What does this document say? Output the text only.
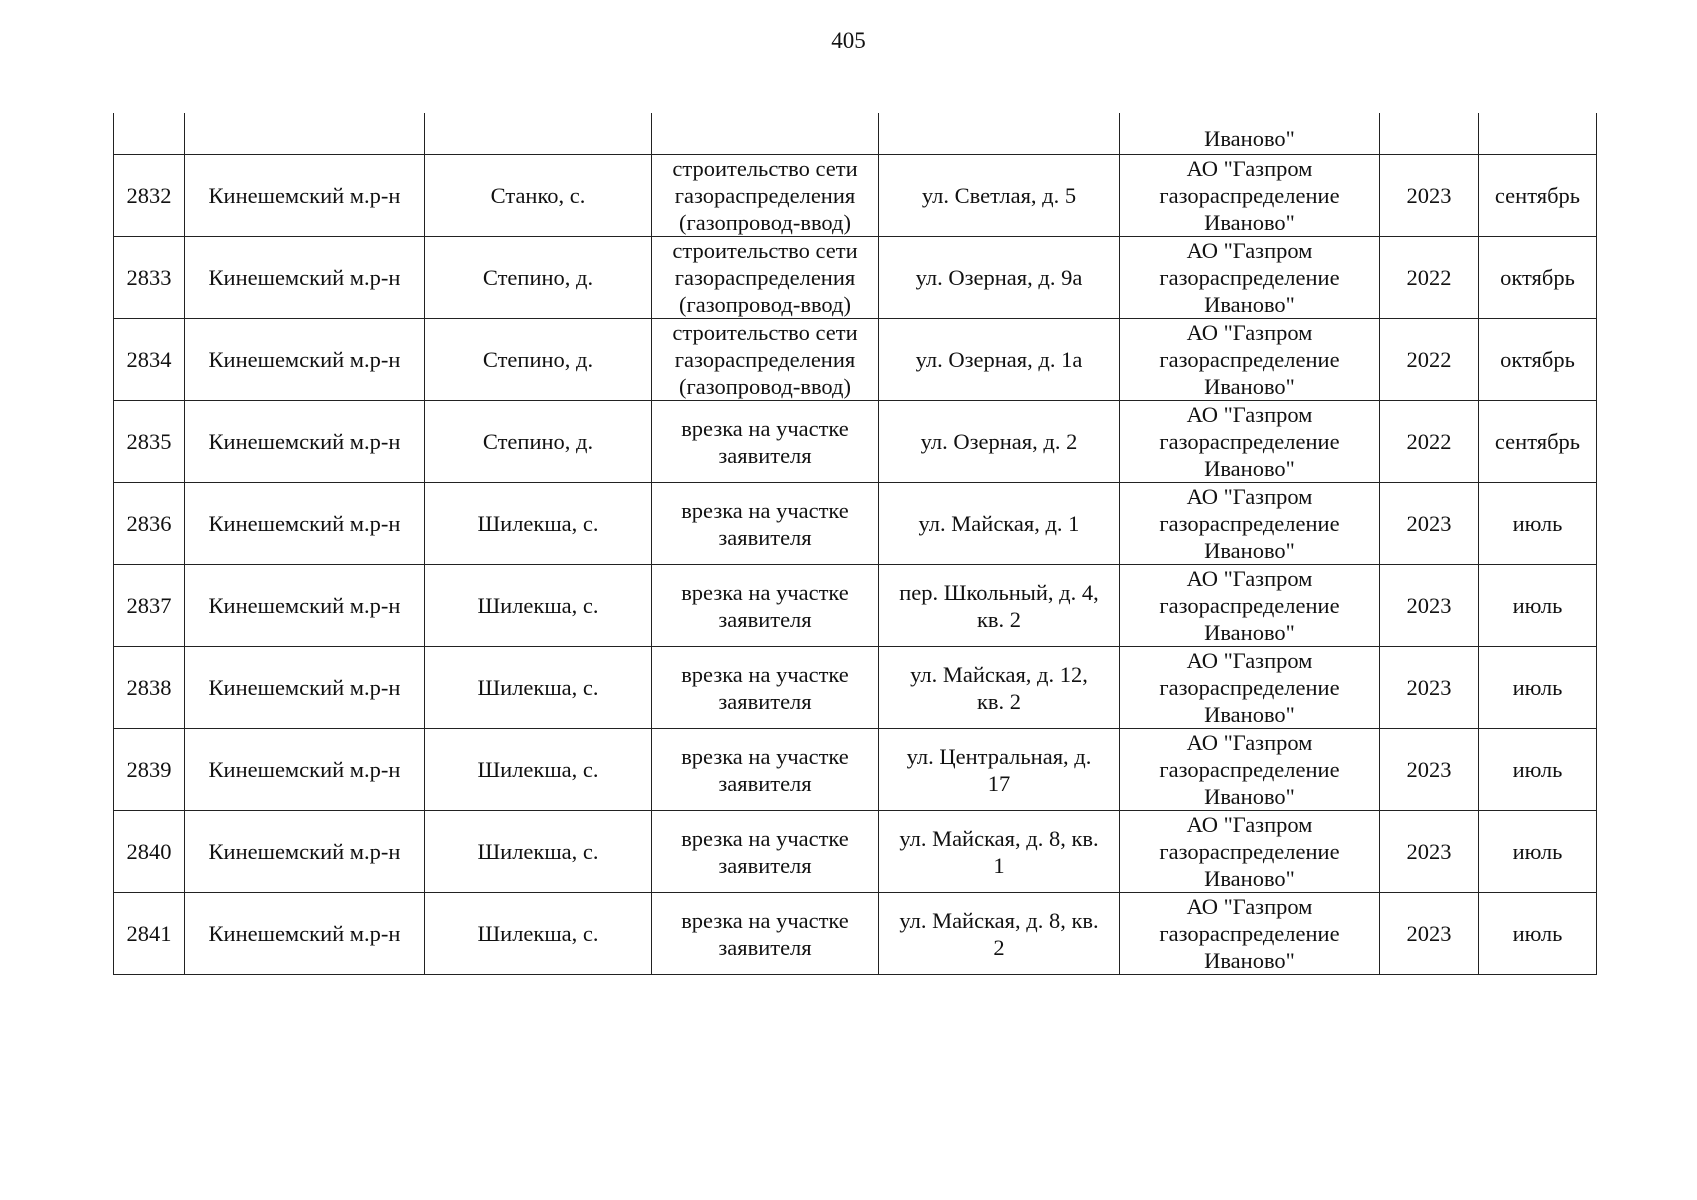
405
					Иваново"		
2832	Кинешемский м.р-н	Станко, с.	строительство сети
газораспределения
(газопровод-ввод)	ул. Светлая, д. 5	АО "Газпром
газораспределение
Иваново"	2023	сентябрь
2833	Кинешемский м.р-н	Степино, д.	строительство сети
газораспределения
(газопровод-ввод)	ул. Озерная, д. 9а	АО "Газпром
газораспределение
Иваново"	2022	октябрь
2834	Кинешемский м.р-н	Степино, д.	строительство сети
газораспределения
(газопровод-ввод)	ул. Озерная, д. 1а	АО "Газпром
газораспределение
Иваново"	2022	октябрь
2835	Кинешемский м.р-н	Степино, д.	врезка на участке
заявителя	ул. Озерная, д. 2	АО "Газпром
газораспределение
Иваново"	2022	сентябрь
2836	Кинешемский м.р-н	Шилекша, с.	врезка на участке
заявителя	ул. Майская, д. 1	АО "Газпром
газораспределение
Иваново"	2023	июль
2837	Кинешемский м.р-н	Шилекша, с.	врезка на участке
заявителя	пер. Школьный, д. 4,
кв. 2	АО "Газпром
газораспределение
Иваново"	2023	июль
2838	Кинешемский м.р-н	Шилекша, с.	врезка на участке
заявителя	ул. Майская, д. 12,
кв. 2	АО "Газпром
газораспределение
Иваново"	2023	июль
2839	Кинешемский м.р-н	Шилекша, с.	врезка на участке
заявителя	ул. Центральная, д.
17	АО "Газпром
газораспределение
Иваново"	2023	июль
2840	Кинешемский м.р-н	Шилекша, с.	врезка на участке
заявителя	ул. Майская, д. 8, кв.
1	АО "Газпром
газораспределение
Иваново"	2023	июль
2841	Кинешемский м.р-н	Шилекша, с.	врезка на участке
заявителя	ул. Майская, д. 8, кв.
2	АО "Газпром
газораспределение
Иваново"	2023	июль
